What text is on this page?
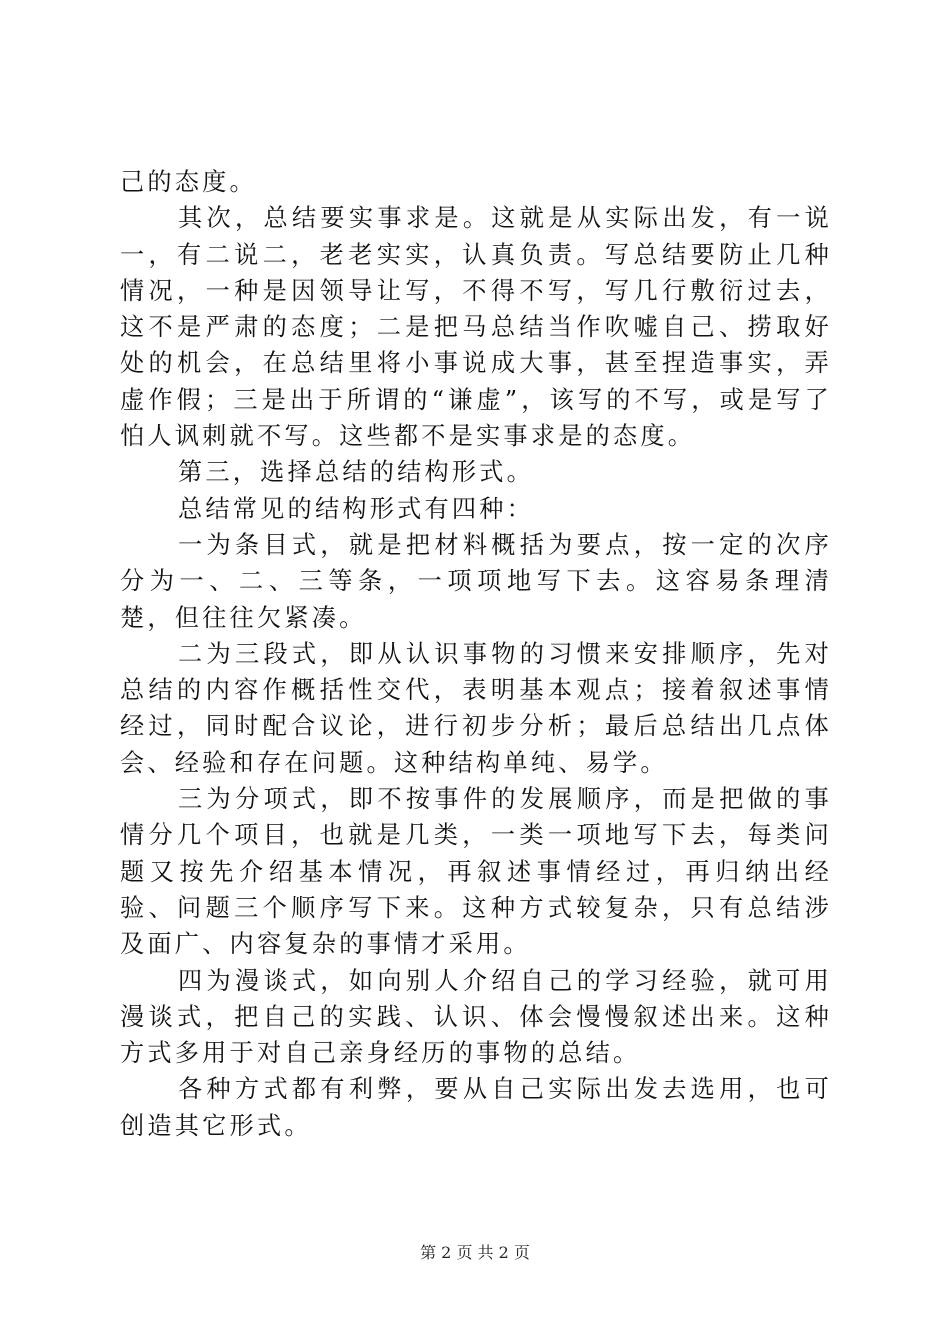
己的态度。

其次，总结要实事求是。这就是从实际出发，有一说一，有二说二，老老实实，认真负责。写总结要防止几种情况，一种是因领导让写，不得不写，写几行敷衍过去，这不是严肃的态度；二是把马总结当作吹嘘自己、捞取好处的机会，在总结里将小事说成大事，甚至捏造事实，弄虚作假；三是出于所谓的“谦虚”，该写的不写，或是写了怕人讽刺就不写。这些都不是实事求是的态度。

第三，选择总结的结构形式。

总结常见的结构形式有四种：

一为条目式，就是把材料概括为要点，按一定的次序分为一、二、三等条，一项项地写下去。这容易条理清楚，但往往欠紧凑。

二为三段式，即从认识事物的习惯来安排顺序，先对总结的内容作概括性交代，表明基本观点；接着叙述事情经过，同时配合议论，进行初步分析；最后总结出几点体会、经验和存在问题。这种结构单纯、易学。

三为分项式，即不按事件的发展顺序，而是把做的事情分几个项目，也就是几类，一类一项地写下去，每类问题又按先介绍基本情况，再叙述事情经过，再归纳出经验、问题三个顺序写下来。这种方式较复杂，只有总结涉及面广、内容复杂的事情才采用。

四为漫谈式，如向别人介绍自己的学习经验，就可用漫谈式，把自己的实践、认识、体会慢慢叙述出来。这种方式多用于对自己亲身经历的事物的总结。

各种方式都有利弊，要从自己实际出发去选用，也可创造其它形式。

第 2 页 共 2 页
